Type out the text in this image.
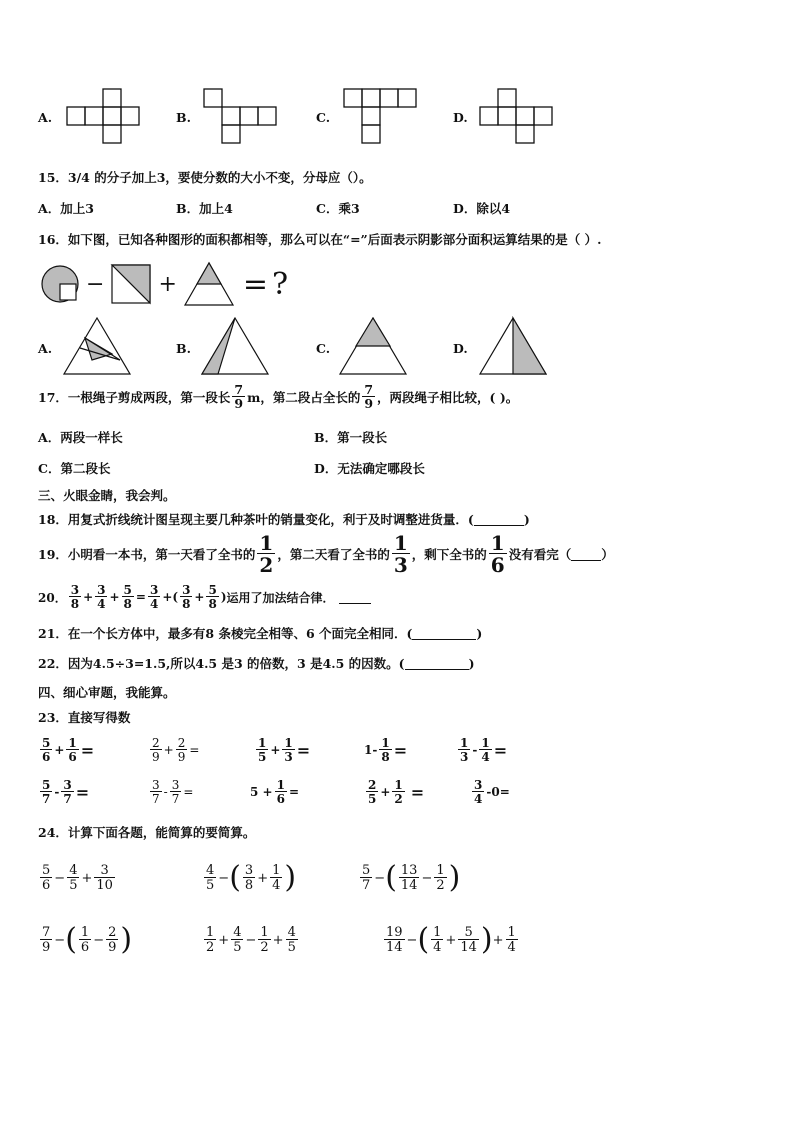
A.	B.	C.	D.
15．3/4 的分子加上3，要使分数的大小不变，分母应（）。
A．加上3	B．加上4	C．乘3	D．除以4
16．如下图，已知各种图形的面积都相等，那么可以在“=”后面表示阴影部分面积运算结果的是（ ）.
− + = ?
A.	B.	C.	D.
17．一根绳子剪成两段，第一段长 $\frac{7}{9}$ m，第二段占全长的 $\frac{7}{9}$ ，两段绳子相比较，( )。
A．两段一样长	B．第一段长
C．第二段长	D．无法确定哪段长
三、火眼金睛，我会判。
18．用复式折线统计图呈现主要几种茶叶的销量变化，利于及时调整进货量．(	)
19．小明看一本书，第一天看了全书的 $\frac{1}{2}$ ，第二天看了全书的 $\frac{1}{3}$ ，剩下全书的 $\frac{1}{6}$ 没有看完（ ）
20． $\frac{3}{8} + \frac{3}{4} + \frac{5}{8} = \frac{3}{4}$ +( $\frac{3}{8} + \frac{5}{8}$ ) 运用了加法结合律．
21．在一个长方体中，最多有8 条棱完全相等、6 个面完全相同．(	)
22．因为4.5÷3=1.5,所以4.5 是3 的倍数，3 是4.5 的因数。(	)
四、细心审题，我能算。
23．直接写得数
$\frac{5}{6} + \frac{1}{6}$ =	$\frac{2}{9} + \frac{2}{9}$ =	$\frac{1}{5} + \frac{1}{3}$ =	$1- \frac{1}{8}$ =	$\frac{1}{3} - \frac{1}{4}$ =
$\frac{5}{7} - \frac{3}{7}$ =	$\frac{3}{7} - \frac{3}{7}$ =	$5 + \frac{1}{6}$ =	$\frac{2}{5} + \frac{1}{2}$ =	$\frac{3}{4} -0=$
24．计算下面各题，能简算的要简算。
$\frac{5}{6} - \frac{4}{5} + \frac{3}{10}$	$\frac{4}{5}$ − ( $\frac{3}{8} + \frac{1}{4}$ )	$\frac{5}{7}$ − ( $\frac{13}{14} - \frac{1}{2}$ )
$\frac{7}{9}$ − ( $\frac{1}{6} - \frac{2}{9}$ )	$\frac{1}{2} + \frac{4}{5} - \frac{1}{2} + \frac{4}{5}$	$\frac{19}{14}$ − ( $\frac{1}{4} + \frac{5}{14}$ ) + $\frac{1}{4}$
